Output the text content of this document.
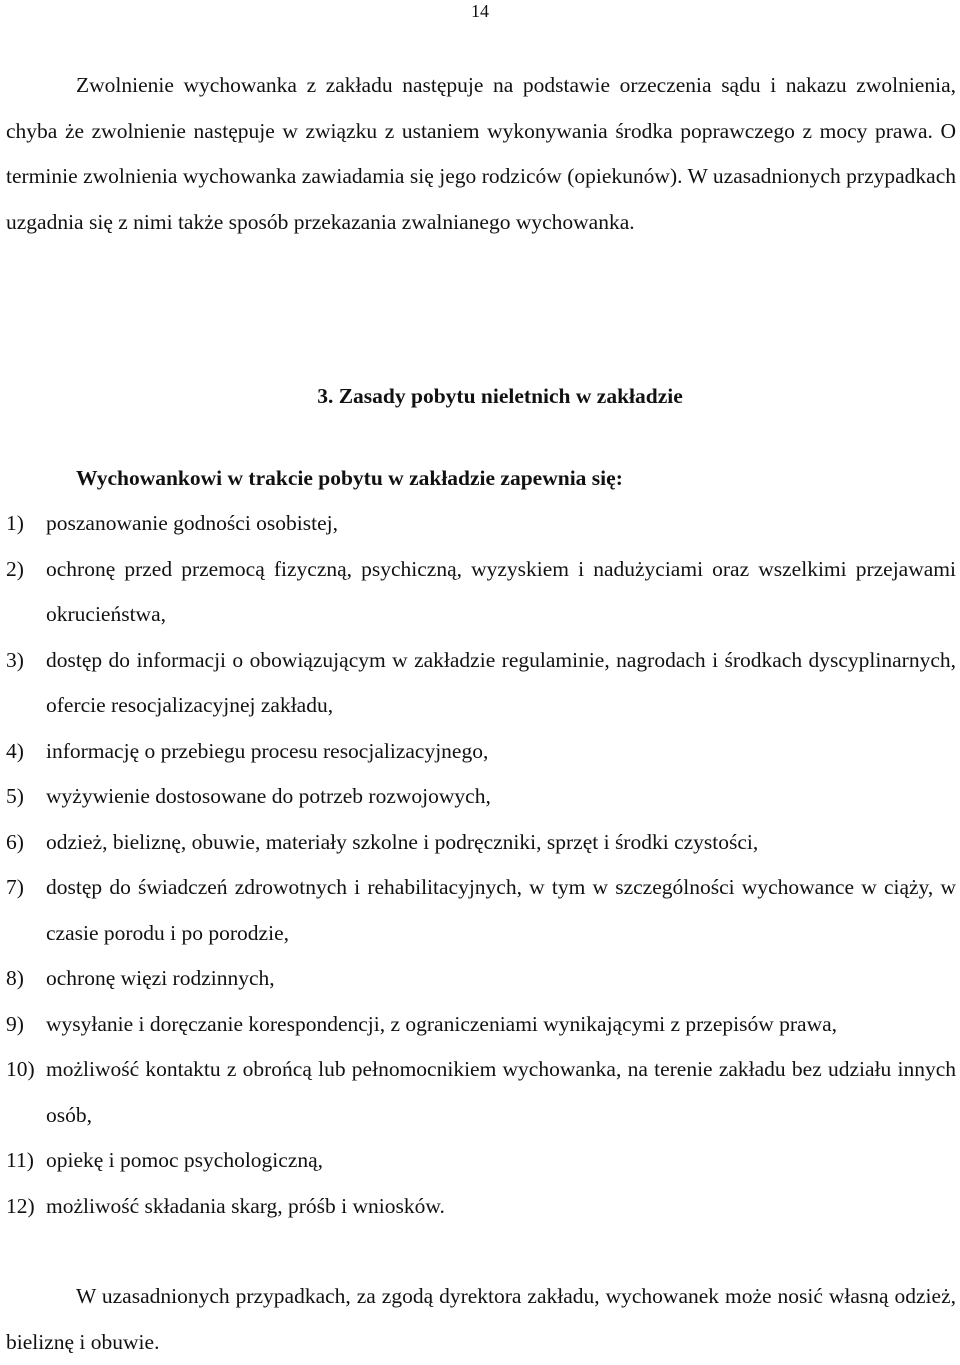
14

Zwolnienie wychowanka z zakładu następuje na podstawie orzeczenia sądu i nakazu zwolnienia, chyba że zwolnienie następuje w związku z ustaniem wykonywania środka poprawczego z mocy prawa. O terminie zwolnienia wychowanka zawiadamia się jego rodziców (opiekunów). W uzasadnionych przypadkach uzgadnia się z nimi także sposób przekazania zwalnianego wychowanka.

3. Zasady pobytu nieletnich w zakładzie
Wychowankowi w trakcie pobytu w zakładzie zapewnia się:
1) poszanowanie godności osobistej,
2) ochronę przed przemocą fizyczną, psychiczną, wyzyskiem i nadużyciami oraz wszelkimi przejawami okrucieństwa,
3) dostęp do informacji o obowiązującym w zakładzie regulaminie, nagrodach i środkach dyscyplinarnych, ofercie resocjalizacyjnej zakładu,
4) informację o przebiegu procesu resocjalizacyjnego,
5) wyżywienie dostosowane do potrzeb rozwojowych,
6) odzież, bieliznę, obuwie, materiały szkolne i podręczniki, sprzęt i środki czystości,
7) dostęp do świadczeń zdrowotnych i rehabilitacyjnych, w tym w szczególności wychowance w ciąży, w czasie porodu i po porodzie,
8) ochronę więzi rodzinnych,
9) wysyłanie i doręczanie korespondencji, z ograniczeniami wynikającymi z przepisów prawa,
10) możliwość kontaktu z obrońcą lub pełnomocnikiem wychowanka, na terenie zakładu bez udziału innych osób,
11) opiekę i pomoc psychologiczną,
12) możliwość składania skarg, próśb i wniosków.

W uzasadnionych przypadkach, za zgodą dyrektora zakładu, wychowanek może nosić własną odzież, bieliznę i obuwie.
